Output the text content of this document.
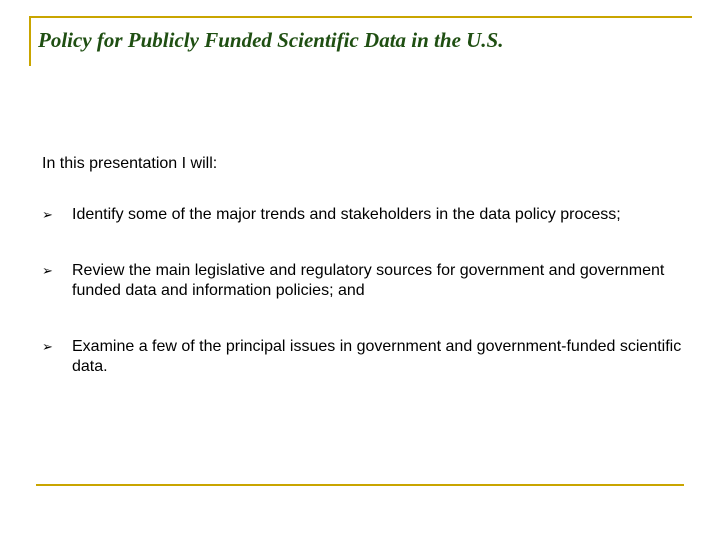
Policy for Publicly Funded Scientific Data in the U.S.
In this presentation I will:
➢ Identify some of the major trends and stakeholders in the data policy process;
➢ Review the main legislative and regulatory sources for government and government funded data and information policies; and
➢ Examine a few of the principal issues in government and government-funded scientific data.
